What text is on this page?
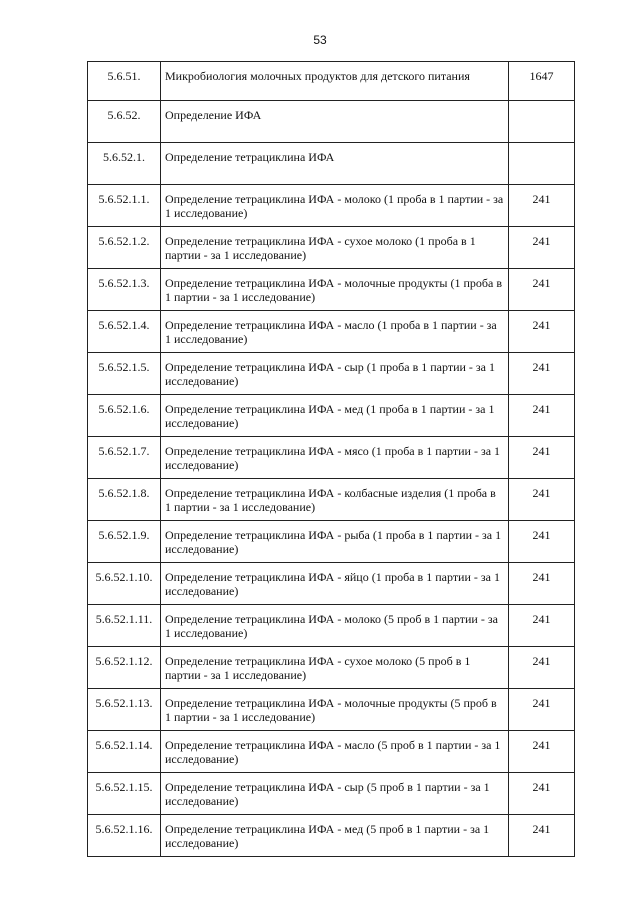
53
5.6.51.	Микробиология молочных продуктов для детского питания	1647
5.6.52.	Определение ИФА	
5.6.52.1.	Определение тетрациклина ИФА	
5.6.52.1.1.	Определение тетрациклина ИФА - молоко (1 проба в 1 партии - за 1 исследование)	241
5.6.52.1.2.	Определение тетрациклина ИФА - сухое молоко (1 проба в 1 партии - за 1 исследование)	241
5.6.52.1.3.	Определение тетрациклина ИФА - молочные продукты (1 проба в 1 партии - за 1 исследование)	241
5.6.52.1.4.	Определение тетрациклина ИФА - масло (1 проба в 1 партии - за 1 исследование)	241
5.6.52.1.5.	Определение тетрациклина ИФА - сыр (1 проба в 1 партии - за 1 исследование)	241
5.6.52.1.6.	Определение тетрациклина ИФА - мед (1 проба в 1 партии - за 1 исследование)	241
5.6.52.1.7.	Определение тетрациклина ИФА - мясо (1 проба в 1 партии - за 1 исследование)	241
5.6.52.1.8.	Определение тетрациклина ИФА - колбасные изделия (1 проба в 1 партии - за 1 исследование)	241
5.6.52.1.9.	Определение тетрациклина ИФА - рыба (1 проба в 1 партии - за 1 исследование)	241
5.6.52.1.10.	Определение тетрациклина ИФА - яйцо (1 проба в 1 партии - за 1 исследование)	241
5.6.52.1.11.	Определение тетрациклина ИФА - молоко (5 проб в 1 партии - за 1 исследование)	241
5.6.52.1.12.	Определение тетрациклина ИФА - сухое молоко (5 проб в 1 партии - за 1 исследование)	241
5.6.52.1.13.	Определение тетрациклина ИФА - молочные продукты (5 проб в 1 партии - за 1 исследование)	241
5.6.52.1.14.	Определение тетрациклина ИФА - масло (5 проб в 1 партии - за 1 исследование)	241
5.6.52.1.15.	Определение тетрациклина ИФА - сыр (5 проб в 1 партии - за 1 исследование)	241
5.6.52.1.16.	Определение тетрациклина ИФА - мед (5 проб в 1 партии - за 1 исследование)	241
